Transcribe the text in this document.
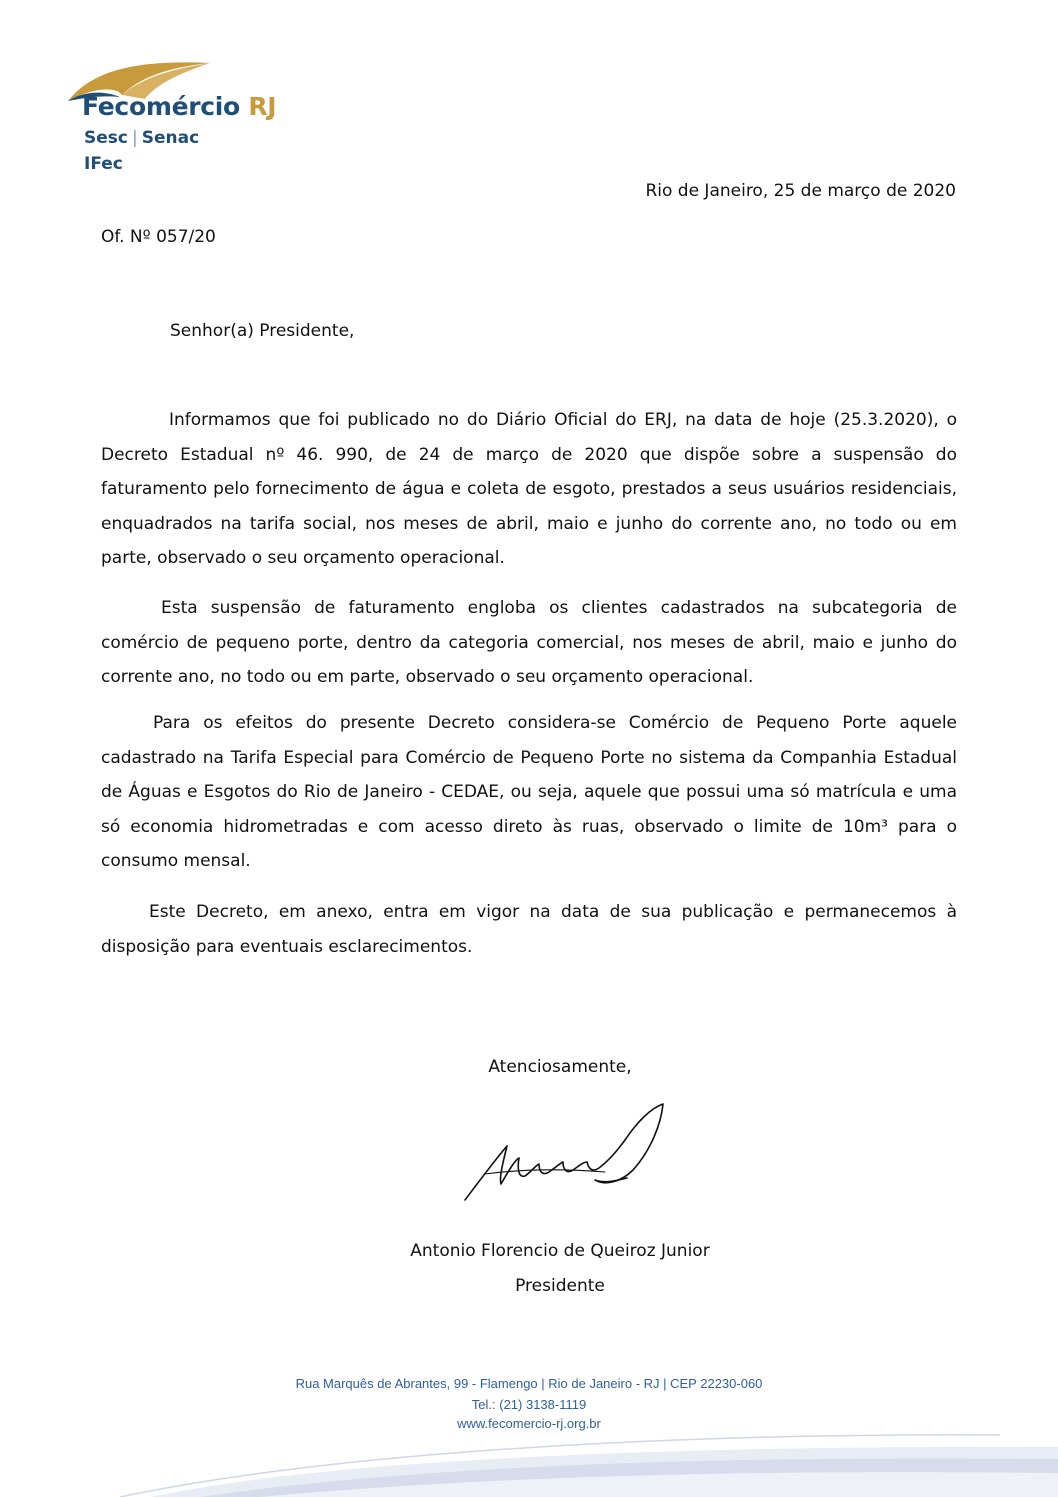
Fecomércio RJ
Sesc | Senac
IFec
Rio de Janeiro, 25 de março de 2020
Of. Nº 057/20
Senhor(a) Presidente,

Informamos que foi publicado no do Diário Oficial do ERJ, na data de hoje (25.3.2020), o Decreto Estadual nº 46. 990, de 24 de março de 2020 que dispõe sobre a suspensão do faturamento pelo fornecimento de água e coleta de esgoto, prestados a seus usuários residenciais, enquadrados na tarifa social, nos meses de abril, maio e junho do corrente ano, no todo ou em parte, observado o seu orçamento operacional.

Esta suspensão de faturamento engloba os clientes cadastrados na subcategoria de comércio de pequeno porte, dentro da categoria comercial, nos meses de abril, maio e junho do corrente ano, no todo ou em parte, observado o seu orçamento operacional.

Para os efeitos do presente Decreto considera-se Comércio de Pequeno Porte aquele cadastrado na Tarifa Especial para Comércio de Pequeno Porte no sistema da Companhia Estadual de Águas e Esgotos do Rio de Janeiro - CEDAE, ou seja, aquele que possui uma só matrícula e uma só economia hidrometradas e com acesso direto às ruas, observado o limite de 10m³ para o consumo mensal.

Este Decreto, em anexo, entra em vigor na data de sua publicação e permanecemos à disposição para eventuais esclarecimentos.

Atenciosamente,
Antonio Florencio de Queiroz Junior
Presidente
Rua Marquês de Abrantes, 99 - Flamengo | Rio de Janeiro - RJ | CEP 22230-060
Tel.: (21) 3138-1119
www.fecomercio-rj.org.br
